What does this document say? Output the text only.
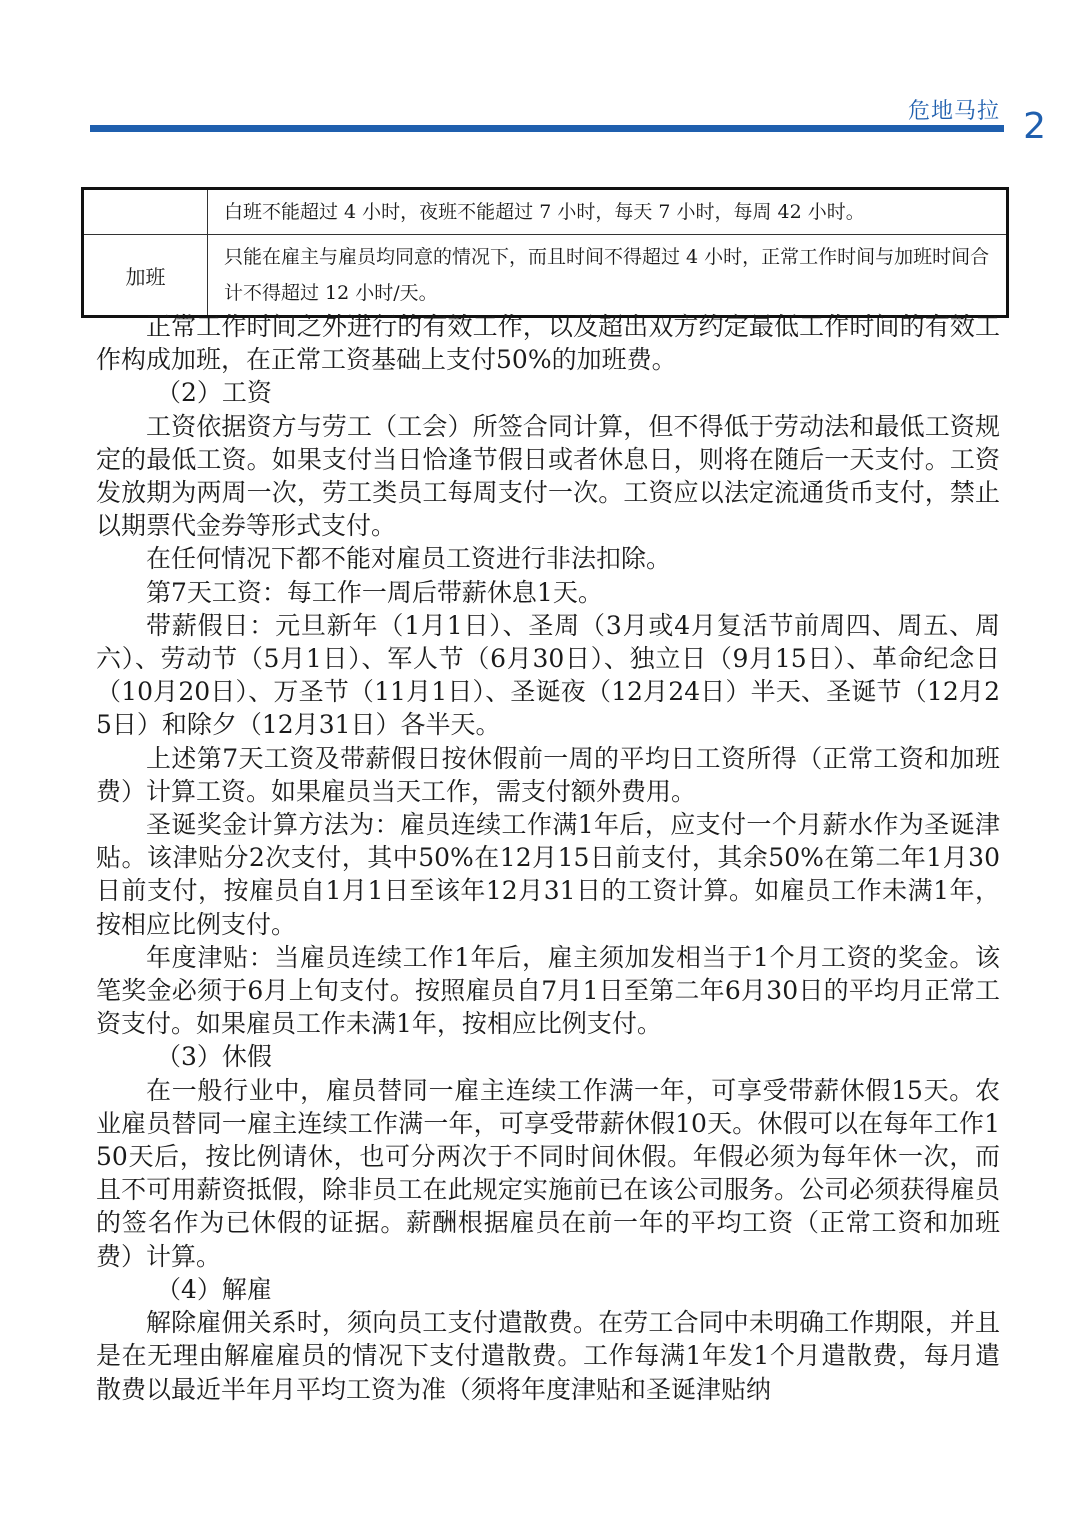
危地马拉 2
	白班不能超过 4 小时，夜班不能超过 7 小时，每天 7 小时，每周 42 小时。
加班	只能在雇主与雇员均同意的情况下，而且时间不得超过 4 小时，正常工作时间与加班时间合计不得超过 12 小时/天。

正常工作时间之外进行的有效工作，以及超出双方约定最低工作时间的有效工作构成加班，在正常工资基础上支付50%的加班费。

（2）工资

工资依据资方与劳工（工会）所签合同计算，但不得低于劳动法和最低工资规定的最低工资。如果支付当日恰逢节假日或者休息日，则将在随后一天支付。工资发放期为两周一次，劳工类员工每周支付一次。工资应以法定流通货币支付，禁止以期票代金券等形式支付。

在任何情况下都不能对雇员工资进行非法扣除。

第7天工资：每工作一周后带薪休息1天。

带薪假日：元旦新年（1月1日）、圣周（3月或4月复活节前周四、周五、周六）、劳动节（5月1日）、军人节（6月30日）、独立日（9月15日）、革命纪念日（10月20日）、万圣节（11月1日）、圣诞夜（12月24日）半天、圣诞节（12月25日）和除夕（12月31日）各半天。

上述第7天工资及带薪假日按休假前一周的平均日工资所得（正常工资和加班费）计算工资。如果雇员当天工作，需支付额外费用。

圣诞奖金计算方法为：雇员连续工作满1年后，应支付一个月薪水作为圣诞津贴。该津贴分2次支付，其中50%在12月15日前支付，其余50%在第二年1月30日前支付，按雇员自1月1日至该年12月31日的工资计算。如雇员工作未满1年，按相应比例支付。

年度津贴：当雇员连续工作1年后，雇主须加发相当于1个月工资的奖金。该笔奖金必须于6月上旬支付。按照雇员自7月1日至第二年6月30日的平均月正常工资支付。如果雇员工作未满1年，按相应比例支付。

（3）休假

在一般行业中，雇员替同一雇主连续工作满一年，可享受带薪休假15天。农业雇员替同一雇主连续工作满一年，可享受带薪休假10天。休假可以在每年工作150天后，按比例请休，也可分两次于不同时间休假。年假必须为每年休一次，而且不可用薪资抵假，除非员工在此规定实施前已在该公司服务。公司必须获得雇员的签名作为已休假的证据。薪酬根据雇员在前一年的平均工资（正常工资和加班费）计算。

（4）解雇

解除雇佣关系时，须向员工支付遣散费。在劳工合同中未明确工作期限，并且是在无理由解雇雇员的情况下支付遣散费。工作每满1年发1个月遣散费，每月遣散费以最近半年月平均工资为准（须将年度津贴和圣诞津贴纳
